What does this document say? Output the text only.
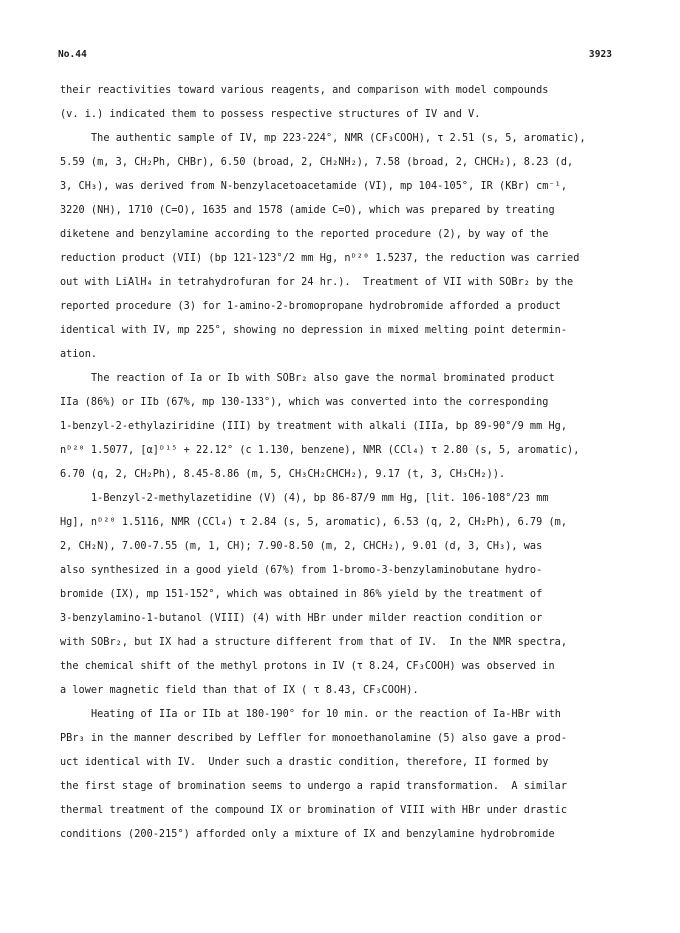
No.44	3923
their reactivities toward various reagents, and comparison with model compounds
(v. i.) indicated them to possess respective structures of IV and V.
The authentic sample of IV, mp 223-224°, NMR (CF₃COOH), τ 2.51 (s, 5, aromatic),
5.59 (m, 3, CH₂Ph, CHBr), 6.50 (broad, 2, CH₂NH₂), 7.58 (broad, 2, CHCH₂), 8.23 (d,
3, CH₃), was derived from N-benzylacetoacetamide (VI), mp 104-105°, IR (KBr) cm⁻¹,
3220 (NH), 1710 (C=O), 1635 and 1578 (amide C=O), which was prepared by treating
diketene and benzylamine according to the reported procedure (2), by way of the
reduction product (VII) (bp 121-123°/2 mm Hg, nᴰ²⁰ 1.5237, the reduction was carried
out with LiAlH₄ in tetrahydrofuran for 24 hr.).  Treatment of VII with SOBr₂ by the
reported procedure (3) for 1-amino-2-bromopropane hydrobromide afforded a product
identical with IV, mp 225°, showing no depression in mixed melting point determin-
ation.
The reaction of Ia or Ib with SOBr₂ also gave the normal brominated product
IIa (86%) or IIb (67%, mp 130-133°), which was converted into the corresponding
1-benzyl-2-ethylaziridine (III) by treatment with alkali (IIIa, bp 89-90°/9 mm Hg,
nᴰ²⁰ 1.5077, [α]ᴰ¹⁵ + 22.12° (c 1.130, benzene), NMR (CCl₄) τ 2.80 (s, 5, aromatic),
6.70 (q, 2, CH₂Ph), 8.45-8.86 (m, 5, CH₃CH₂CHCH₂), 9.17 (t, 3, CH₃CH₂)).
1-Benzyl-2-methylazetidine (V) (4), bp 86-87/9 mm Hg, [lit. 106-108°/23 mm
Hg], nᴰ²⁰ 1.5116, NMR (CCl₄) τ 2.84 (s, 5, aromatic), 6.53 (q, 2, CH₂Ph), 6.79 (m,
2, CH₂N), 7.00-7.55 (m, 1, CH); 7.90-8.50 (m, 2, CHCH₂), 9.01 (d, 3, CH₃), was
also synthesized in a good yield (67%) from 1-bromo-3-benzylaminobutane hydro-
bromide (IX), mp 151-152°, which was obtained in 86% yield by the treatment of
3-benzylamino-1-butanol (VIII) (4) with HBr under milder reaction condition or
with SOBr₂, but IX had a structure different from that of IV.  In the NMR spectra,
the chemical shift of the methyl protons in IV (τ 8.24, CF₃COOH) was observed in
a lower magnetic field than that of IX ( τ 8.43, CF₃COOH).
Heating of IIa or IIb at 180-190° for 10 min. or the reaction of Ia-HBr with
PBr₃ in the manner described by Leffler for monoethanolamine (5) also gave a prod-
uct identical with IV.  Under such a drastic condition, therefore, II formed by
the first stage of bromination seems to undergo a rapid transformation.  A similar
thermal treatment of the compound IX or bromination of VIII with HBr under drastic
conditions (200-215°) afforded only a mixture of IX and benzylamine hydrobromide
